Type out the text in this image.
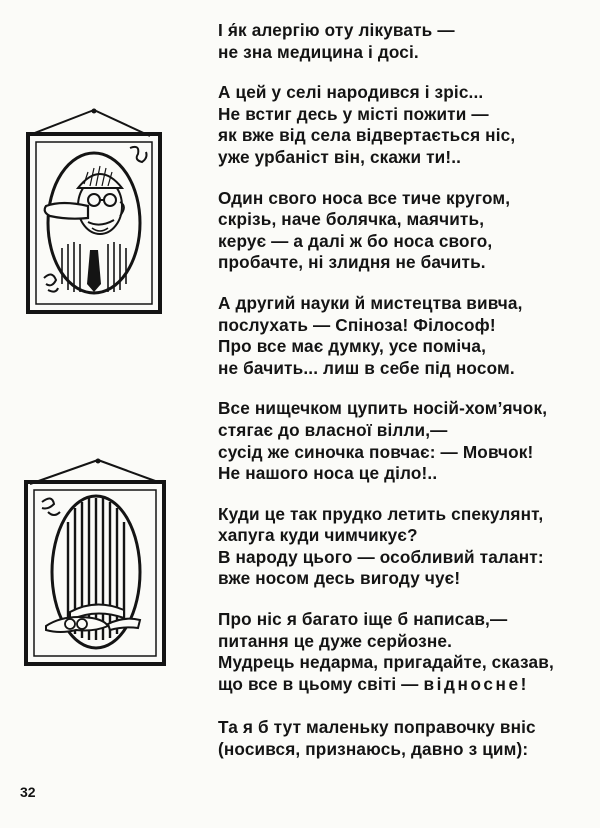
І я́к алергію оту лікувать —
не зна медицина і досі.
А цей у селі народився і зріс...
Не встиг десь у місті пожити —
як вже від села відвертається ніс,
уже урбаніст він, скажи ти!..
Один свого носа все тиче кругом,
скрізь, наче болячка, маячить,
керує — а далі ж бо носа свого,
пробачте, ні злидня не бачить.
А другий науки й мистецтва вивча,
послухать — Спіноза! Філософ!
Про все має думку, усе поміча,
не бачить... лиш в себе під носом.
Все нищечком цупить носій-хом’ячок,
стягає до власної вілли,—
сусід же синочка повчає: — Мовчок!
Не нашого носа це діло!..
Куди це так прудко летить спекулянт,
хапуга куди чимчикує?
В народу цього — особливий талант:
вже носом десь вигоду чує!
Про ніс я багато іще б написав,—
питання це дуже серйозне.
Мудрець недарма, пригадайте, сказав,
що все в цьому світі — відносне!
Та я б тут маленьку поправочку вніс
(носився, признаюсь, давно з цим):
32
